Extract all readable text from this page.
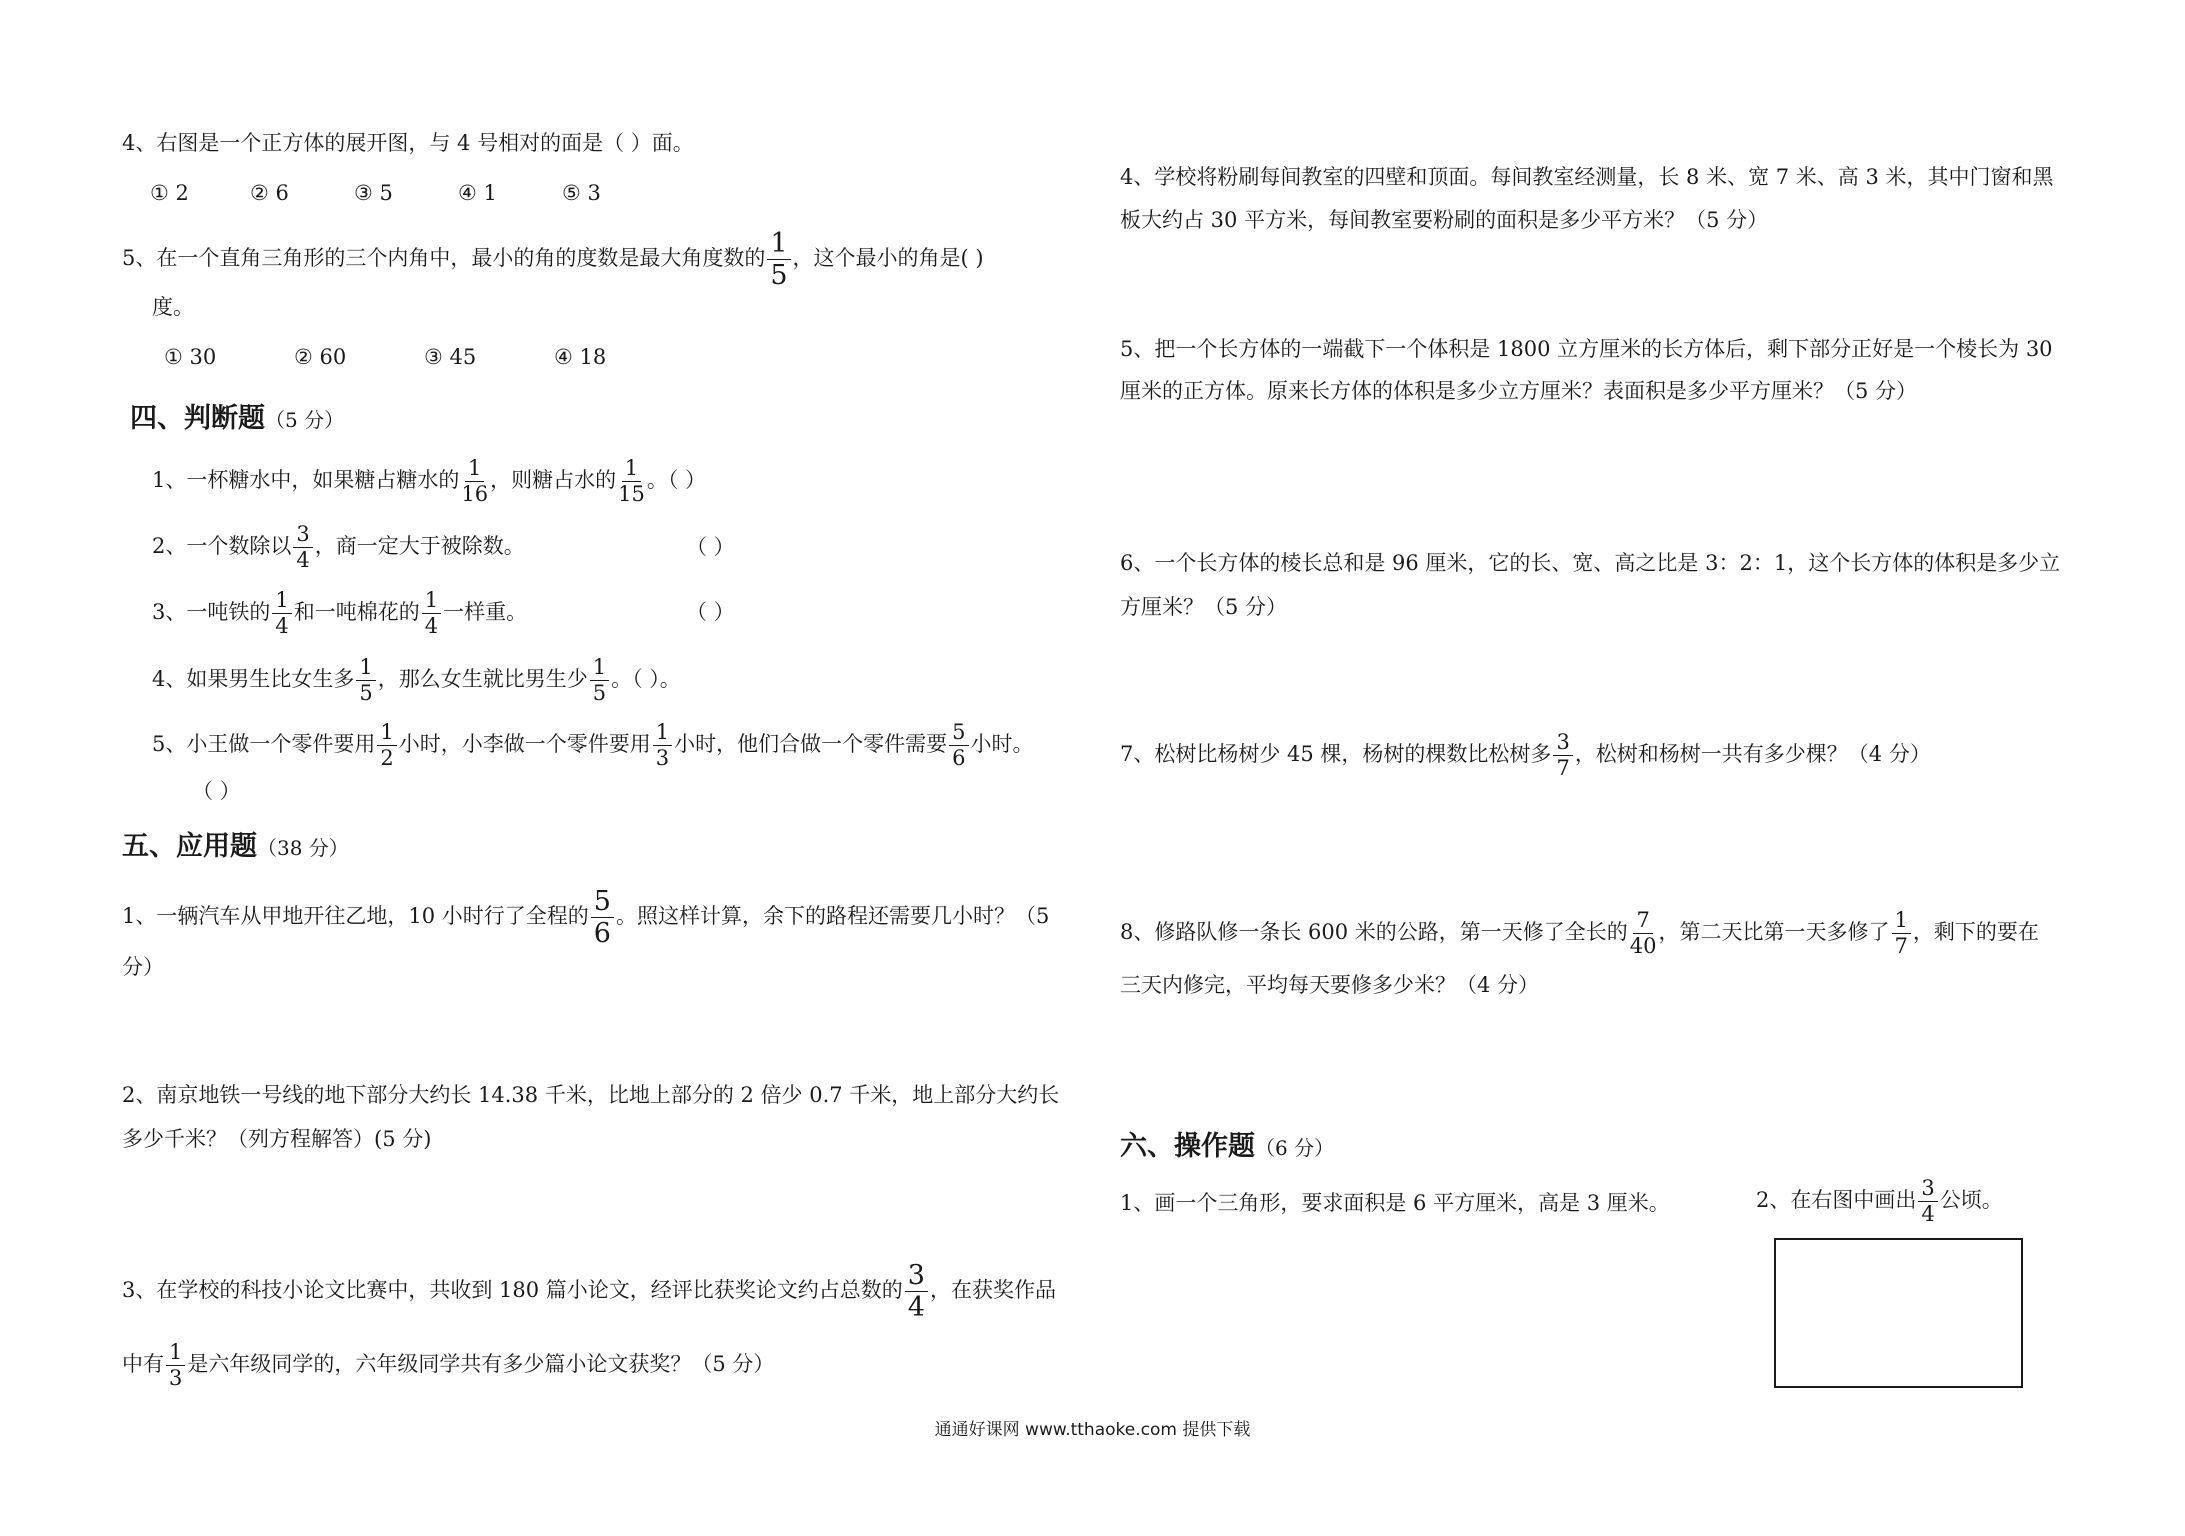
4、右图是一个正方体的展开图，与 4 号相对的面是（ ）面。
① 2	② 6	③ 5	④ 1	⑤ 3
5、在一个直角三角形的三个内角中，最小的角的度数是最大角度数的 $\frac{1}{5}$ ，这个最小的角是( )
度。
① 30	② 60	③ 45	④ 18
四、判断题（5 分）
1、一杯糖水中，如果糖占糖水的 $\frac{1}{16}$ ，则糖占水的 $\frac{1}{15}$ 。（ ）
2、一个数除以 $\frac{3}{4}$ ，商一定大于被除数。	（ ）
3、一吨铁的 $\frac{1}{4}$ 和一吨棉花的 $\frac{1}{4}$ 一样重。	（ ）
4、如果男生比女生多 $\frac{1}{5}$ ，那么女生就比男生少 $\frac{1}{5}$ 。（ ）。
5、小王做一个零件要用 $\frac{1}{2}$ 小时，小李做一个零件要用 $\frac{1}{3}$ 小时，他们合做一个零件需要 $\frac{5}{6}$ 小时。
（ ）
五、应用题（38 分）
1、一辆汽车从甲地开往乙地，10 小时行了全程的 $\frac{5}{6}$ 。照这样计算，余下的路程还需要几小时？（5
分）
2、南京地铁一号线的地下部分大约长 14.38 千米，比地上部分的 2 倍少 0.7 千米，地上部分大约长
多少千米？（列方程解答）(5 分)
3、在学校的科技小论文比赛中，共收到 180 篇小论文，经评比获奖论文约占总数的 $\frac{3}{4}$ ，在获奖作品
中有 $\frac{1}{3}$ 是六年级同学的，六年级同学共有多少篇小论文获奖？（5 分）
4、学校将粉刷每间教室的四壁和顶面。每间教室经测量，长 8 米、宽 7 米、高 3 米，其中门窗和黑
板大约占 30 平方米，每间教室要粉刷的面积是多少平方米？（5 分）
5、把一个长方体的一端截下一个体积是 1800 立方厘米的长方体后，剩下部分正好是一个棱长为 30
厘米的正方体。原来长方体的体积是多少立方厘米？表面积是多少平方厘米？（5 分）
6、一个长方体的棱长总和是 96 厘米，它的长、宽、高之比是 3：2：1，这个长方体的体积是多少立
方厘米？（5 分）
7、松树比杨树少 45 棵，杨树的棵数比松树多 $\frac{3}{7}$ ，松树和杨树一共有多少棵？（4 分）
8、修路队修一条长 600 米的公路，第一天修了全长的 $\frac{7}{40}$ ，第二天比第一天多修了 $\frac{1}{7}$ ，剩下的要在
三天内修完，平均每天要修多少米？（4 分）
六、操作题（6 分）
1、画一个三角形，要求面积是 6 平方厘米，高是 3 厘米。	2、在右图中画出 $\frac{3}{4}$ 公顷。
通通好课网 www.tthaoke.com 提供下载
